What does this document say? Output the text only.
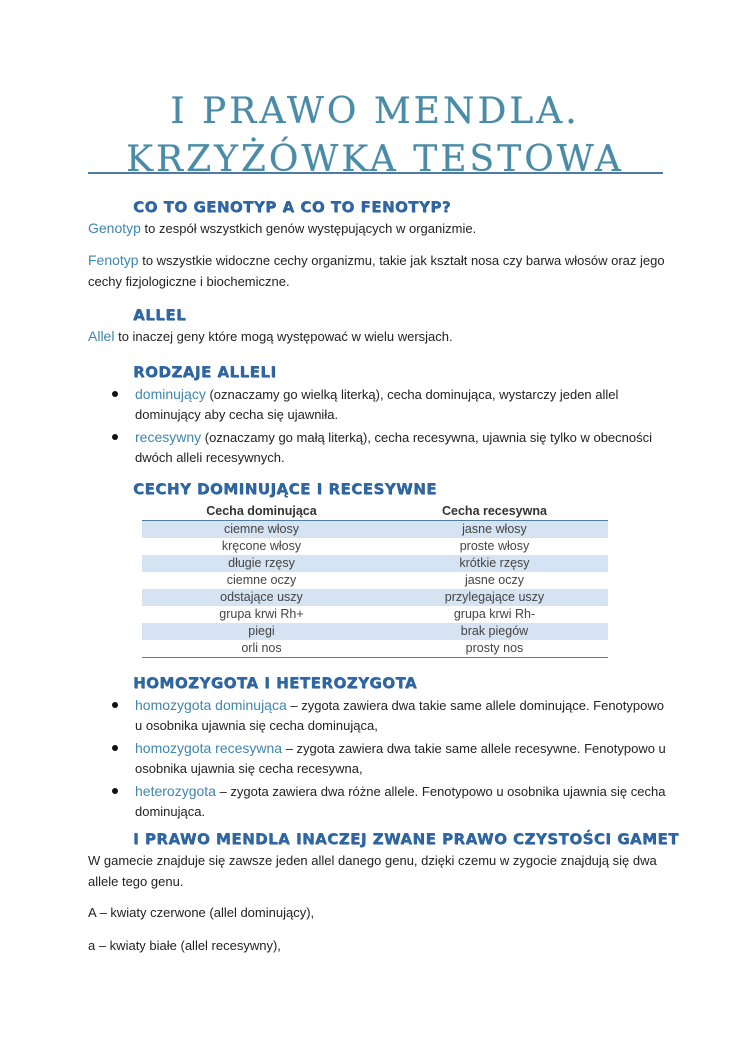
I PRAWO MENDLA.
KRZYŻÓWKA TESTOWA
CO TO GENOTYP A CO TO FENOTYP?
Genotyp to zespół wszystkich genów występujących w organizmie.
Fenotyp to wszystkie widoczne cechy organizmu, takie jak kształt nosa czy barwa włosów oraz jego cechy fizjologiczne i biochemiczne.
ALLEL
Allel to inaczej geny które mogą występować w wielu wersjach.
RODZAJE ALLELI
dominujący (oznaczamy go wielką literką), cecha dominująca, wystarczy jeden allel dominujący aby cecha się ujawniła.
recesywny (oznaczamy go małą literką), cecha recesywna, ujawnia się tylko w obecności dwóch alleli recesywnych.
CECHY DOMINUJĄCE I RECESYWNE
Cecha dominująca	Cecha recesywna
ciemne włosy	jasne włosy
kręcone włosy	proste włosy
długie rzęsy	krótkie rzęsy
ciemne oczy	jasne oczy
odstające uszy	przylegające uszy
grupa krwi Rh+	grupa krwi Rh-
piegi	brak piegów
orli nos	prosty nos
HOMOZYGOTA I HETEROZYGOTA
homozygota dominująca – zygota zawiera dwa takie same allele dominujące. Fenotypowo u osobnika ujawnia się cecha dominująca,
homozygota recesywna – zygota zawiera dwa takie same allele recesywne. Fenotypowo u osobnika ujawnia się cecha recesywna,
heterozygota – zygota zawiera dwa różne allele. Fenotypowo u osobnika ujawnia się cecha dominująca.
I PRAWO MENDLA INACZEJ ZWANE PRAWO CZYSTOŚCI GAMET
W gamecie znajduje się zawsze jeden allel danego genu, dzięki czemu w zygocie znajdują się dwa allele tego genu.
A – kwiaty czerwone (allel dominujący),
a – kwiaty białe (allel recesywny),
